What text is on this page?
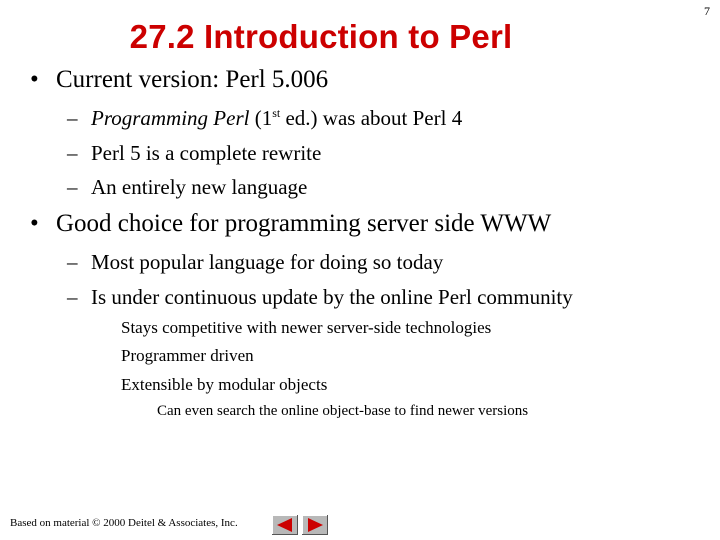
7
27.2 Introduction to Perl
• Current version: Perl 5.006
– Programming Perl (1st ed.) was about Perl 4
– Perl 5 is a complete rewrite
– An entirely new language
• Good choice for programming server side WWW
– Most popular language for doing so today
– Is under continuous update by the online Perl community
Stays competitive with newer server-side technologies
Programmer driven
Extensible by modular objects
Can even search the online object-base to find newer versions
Based on material © 2000 Deitel & Associates, Inc.
